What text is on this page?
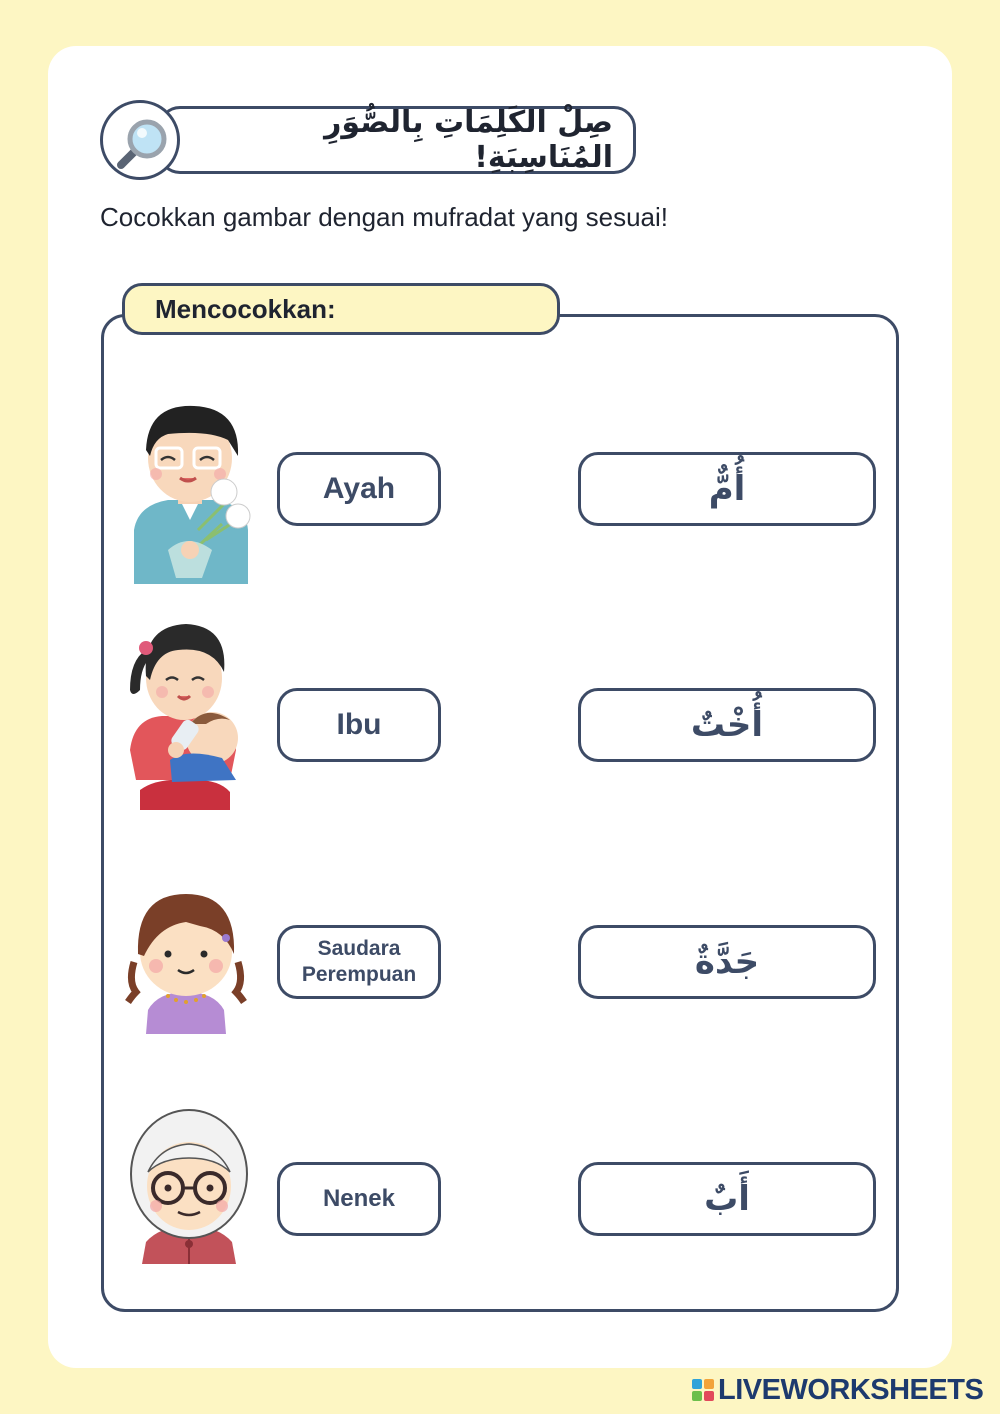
صِلْ الكَلِمَاتِ بِالصُّوَرِ المُنَاسِبَةِ!
Cocokkan gambar dengan mufradat yang sesuai!
Mencocokkan:
Ayah	أُمٌّ
Ibu	أُخْتٌ
Saudara
Perempuan	جَدَّةٌ
Nenek	أَبٌ
LIVEWORKSHEETS
